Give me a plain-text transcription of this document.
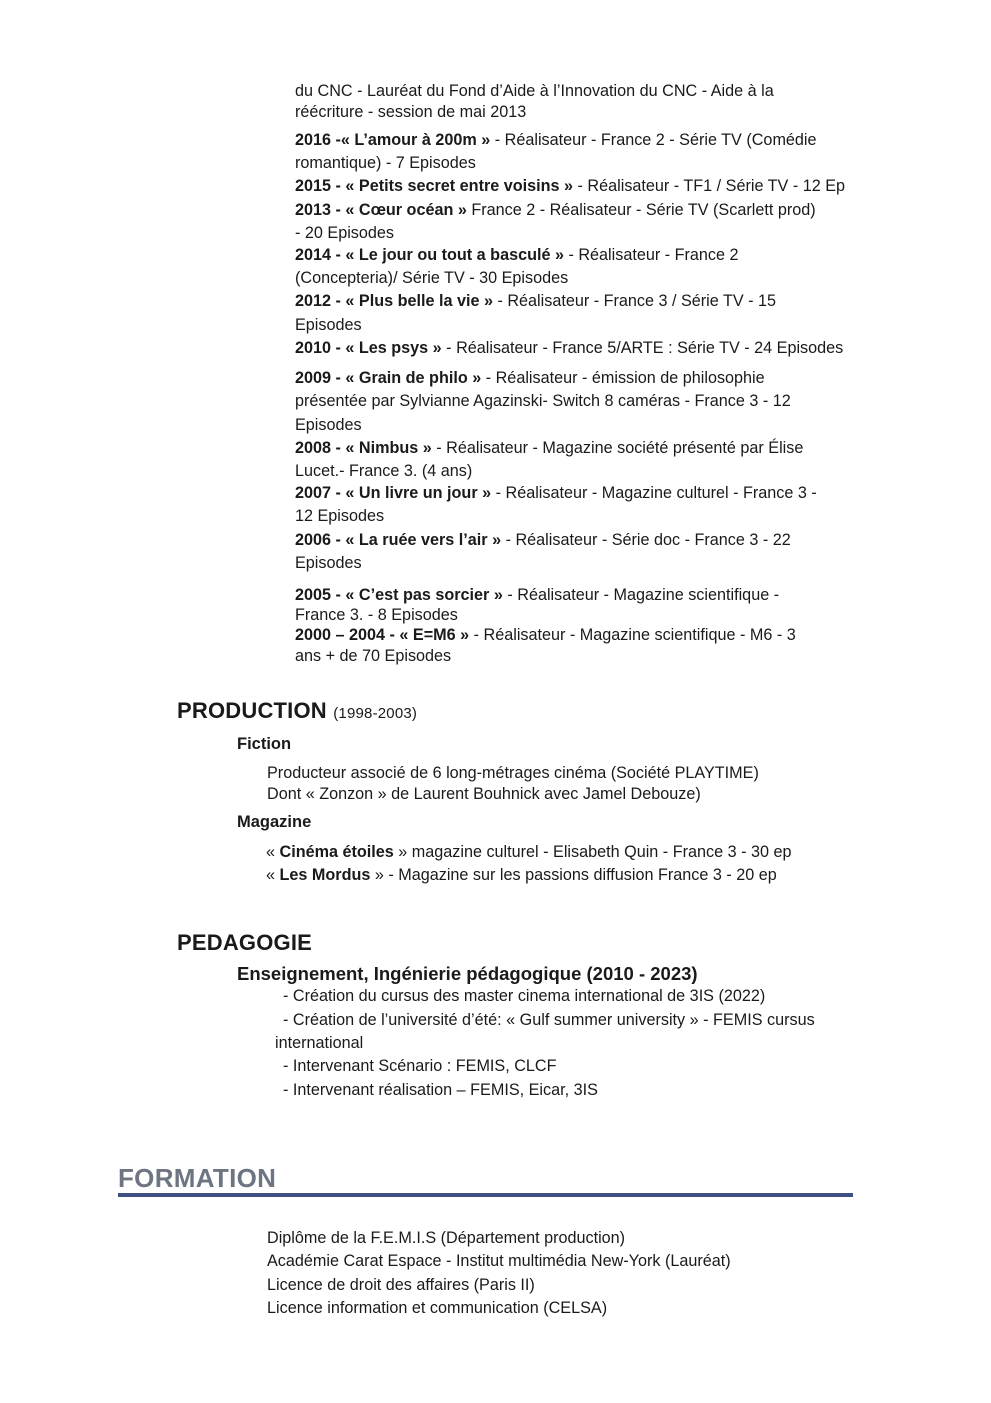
du CNC - Lauréat du Fond d’Aide à l’Innovation du CNC - Aide à la
réécriture - session de mai 2013
2016 -« L’amour à 200m » - Réalisateur - France 2 - Série TV (Comédie
romantique) - 7 Episodes
2015 - « Petits secret entre voisins » - Réalisateur - TF1 / Série TV - 12 Ep
2013 - « Cœur océan » France 2 - Réalisateur - Série TV (Scarlett prod)
- 20 Episodes
2014 - « Le jour ou tout a basculé » - Réalisateur - France 2
(Concepteria)/ Série TV - 30 Episodes
2012 - « Plus belle la vie » - Réalisateur - France 3 / Série TV - 15
Episodes
2010 - « Les psys » - Réalisateur - France 5/ARTE : Série TV - 24 Episodes
2009 - « Grain de philo » - Réalisateur - émission de philosophie
présentée par Sylvianne Agazinski- Switch 8 caméras - France 3 - 12
Episodes
2008 - « Nimbus » - Réalisateur - Magazine société présenté par Élise
Lucet.- France 3. (4 ans)
2007 - « Un livre un jour » - Réalisateur - Magazine culturel - France 3 -
12 Episodes
2006 - « La ruée vers l’air » - Réalisateur - Série doc - France 3 - 22
Episodes
2005 - « C’est pas sorcier » - Réalisateur - Magazine scientifique -
France 3. - 8 Episodes
2000 – 2004 - « E=M6 » - Réalisateur - Magazine scientifique - M6 - 3
ans + de 70 Episodes
PRODUCTION (1998-2003)
Fiction
Producteur associé de 6 long-métrages cinéma (Société PLAYTIME)
Dont « Zonzon » de Laurent Bouhnick avec Jamel Debouze)
Magazine
« Cinéma étoiles » magazine culturel - Elisabeth Quin - France 3 - 30 ep
« Les Mordus » - Magazine sur les passions diffusion France 3 - 20 ep
PEDAGOGIE
Enseignement, Ingénierie pédagogique (2010 - 2023)
- Création du cursus des master cinema international de 3IS (2022)
- Création de l’université d’été: « Gulf summer university » - FEMIS cursus
international
- Intervenant Scénario : FEMIS, CLCF
- Intervenant réalisation – FEMIS, Eicar, 3IS
FORMATION
Diplôme de la F.E.M.I.S (Département production)
Académie Carat Espace - Institut multimédia New-York (Lauréat)
Licence de droit des affaires (Paris II)
Licence information et communication (CELSA)
